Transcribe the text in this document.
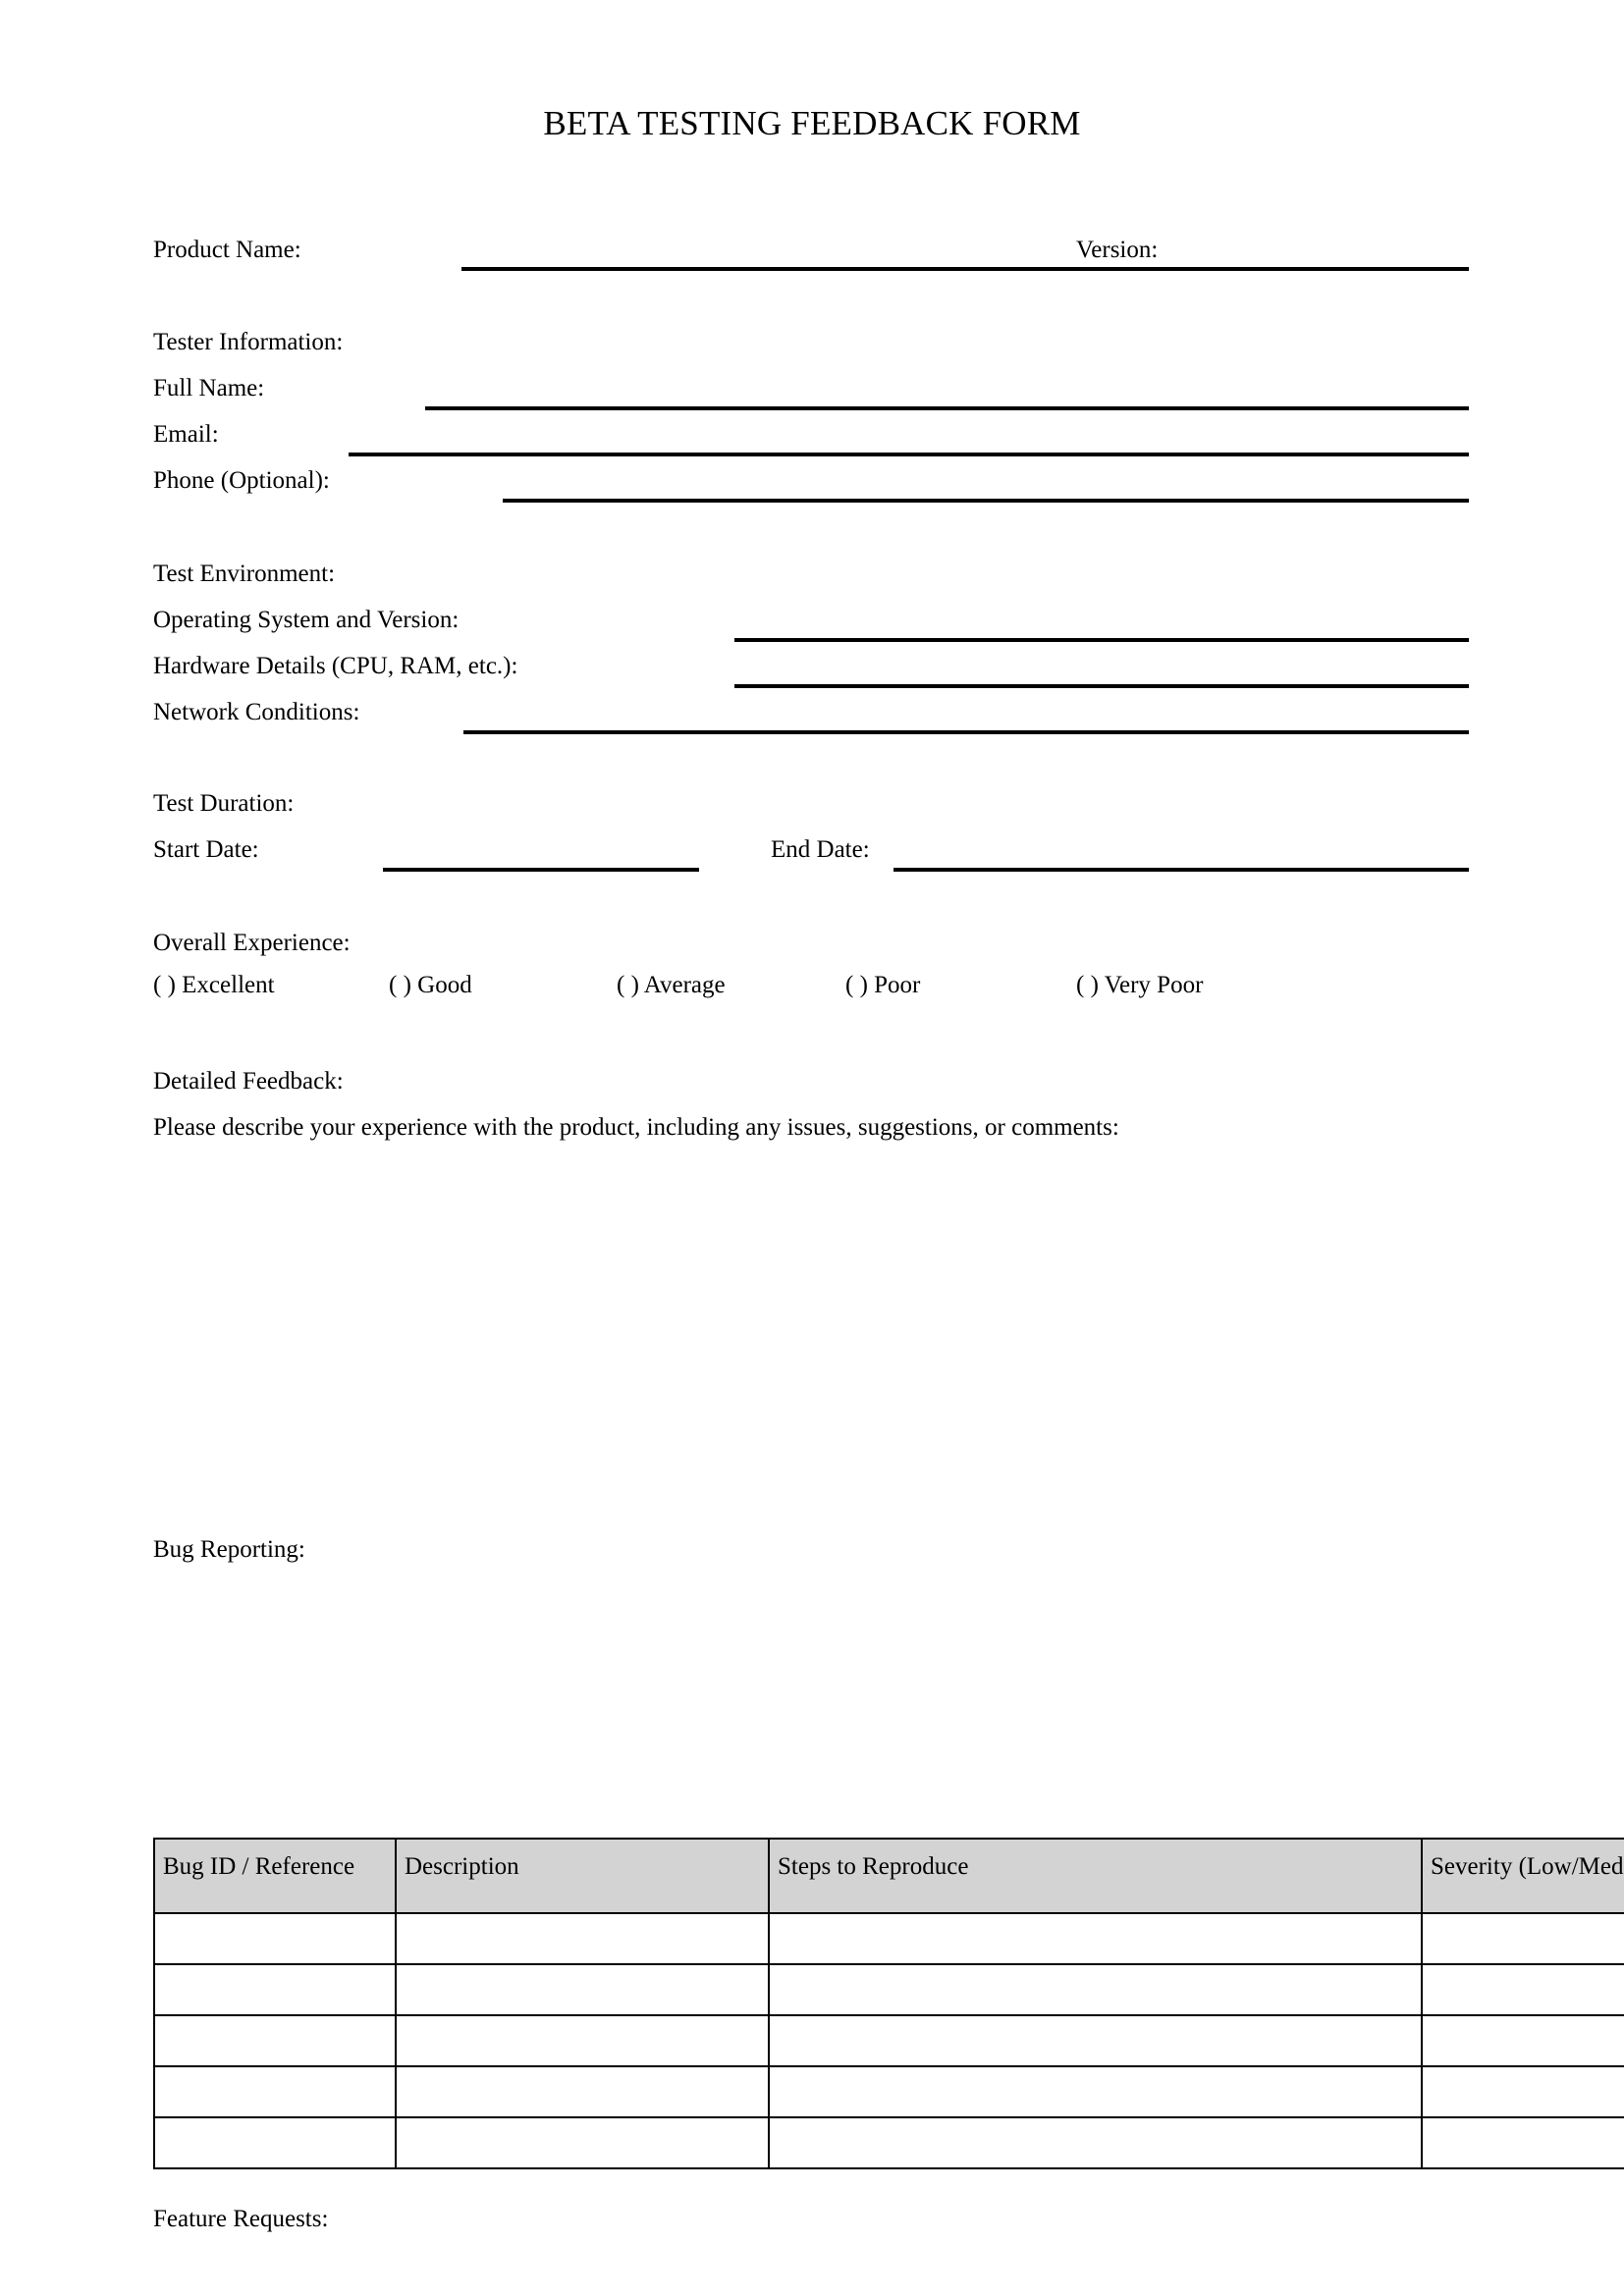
BETA TESTING FEEDBACK FORM
Product Name:	Version:
Tester Information:
Full Name:
Email:
Phone (Optional):
Test Environment:
Operating System and Version:
Hardware Details (CPU, RAM, etc.):
Network Conditions:
Test Duration:
Start Date:	End Date:
Overall Experience:
( ) Excellent	( ) Good	( ) Average	( ) Poor	( ) Very Poor
Detailed Feedback:
Please describe your experience with the product, including any issues, suggestions, or comments:
Bug Reporting:
Bug ID / Reference	Description	Steps to Reproduce	Severity (Low/Med

Feature Requests:
